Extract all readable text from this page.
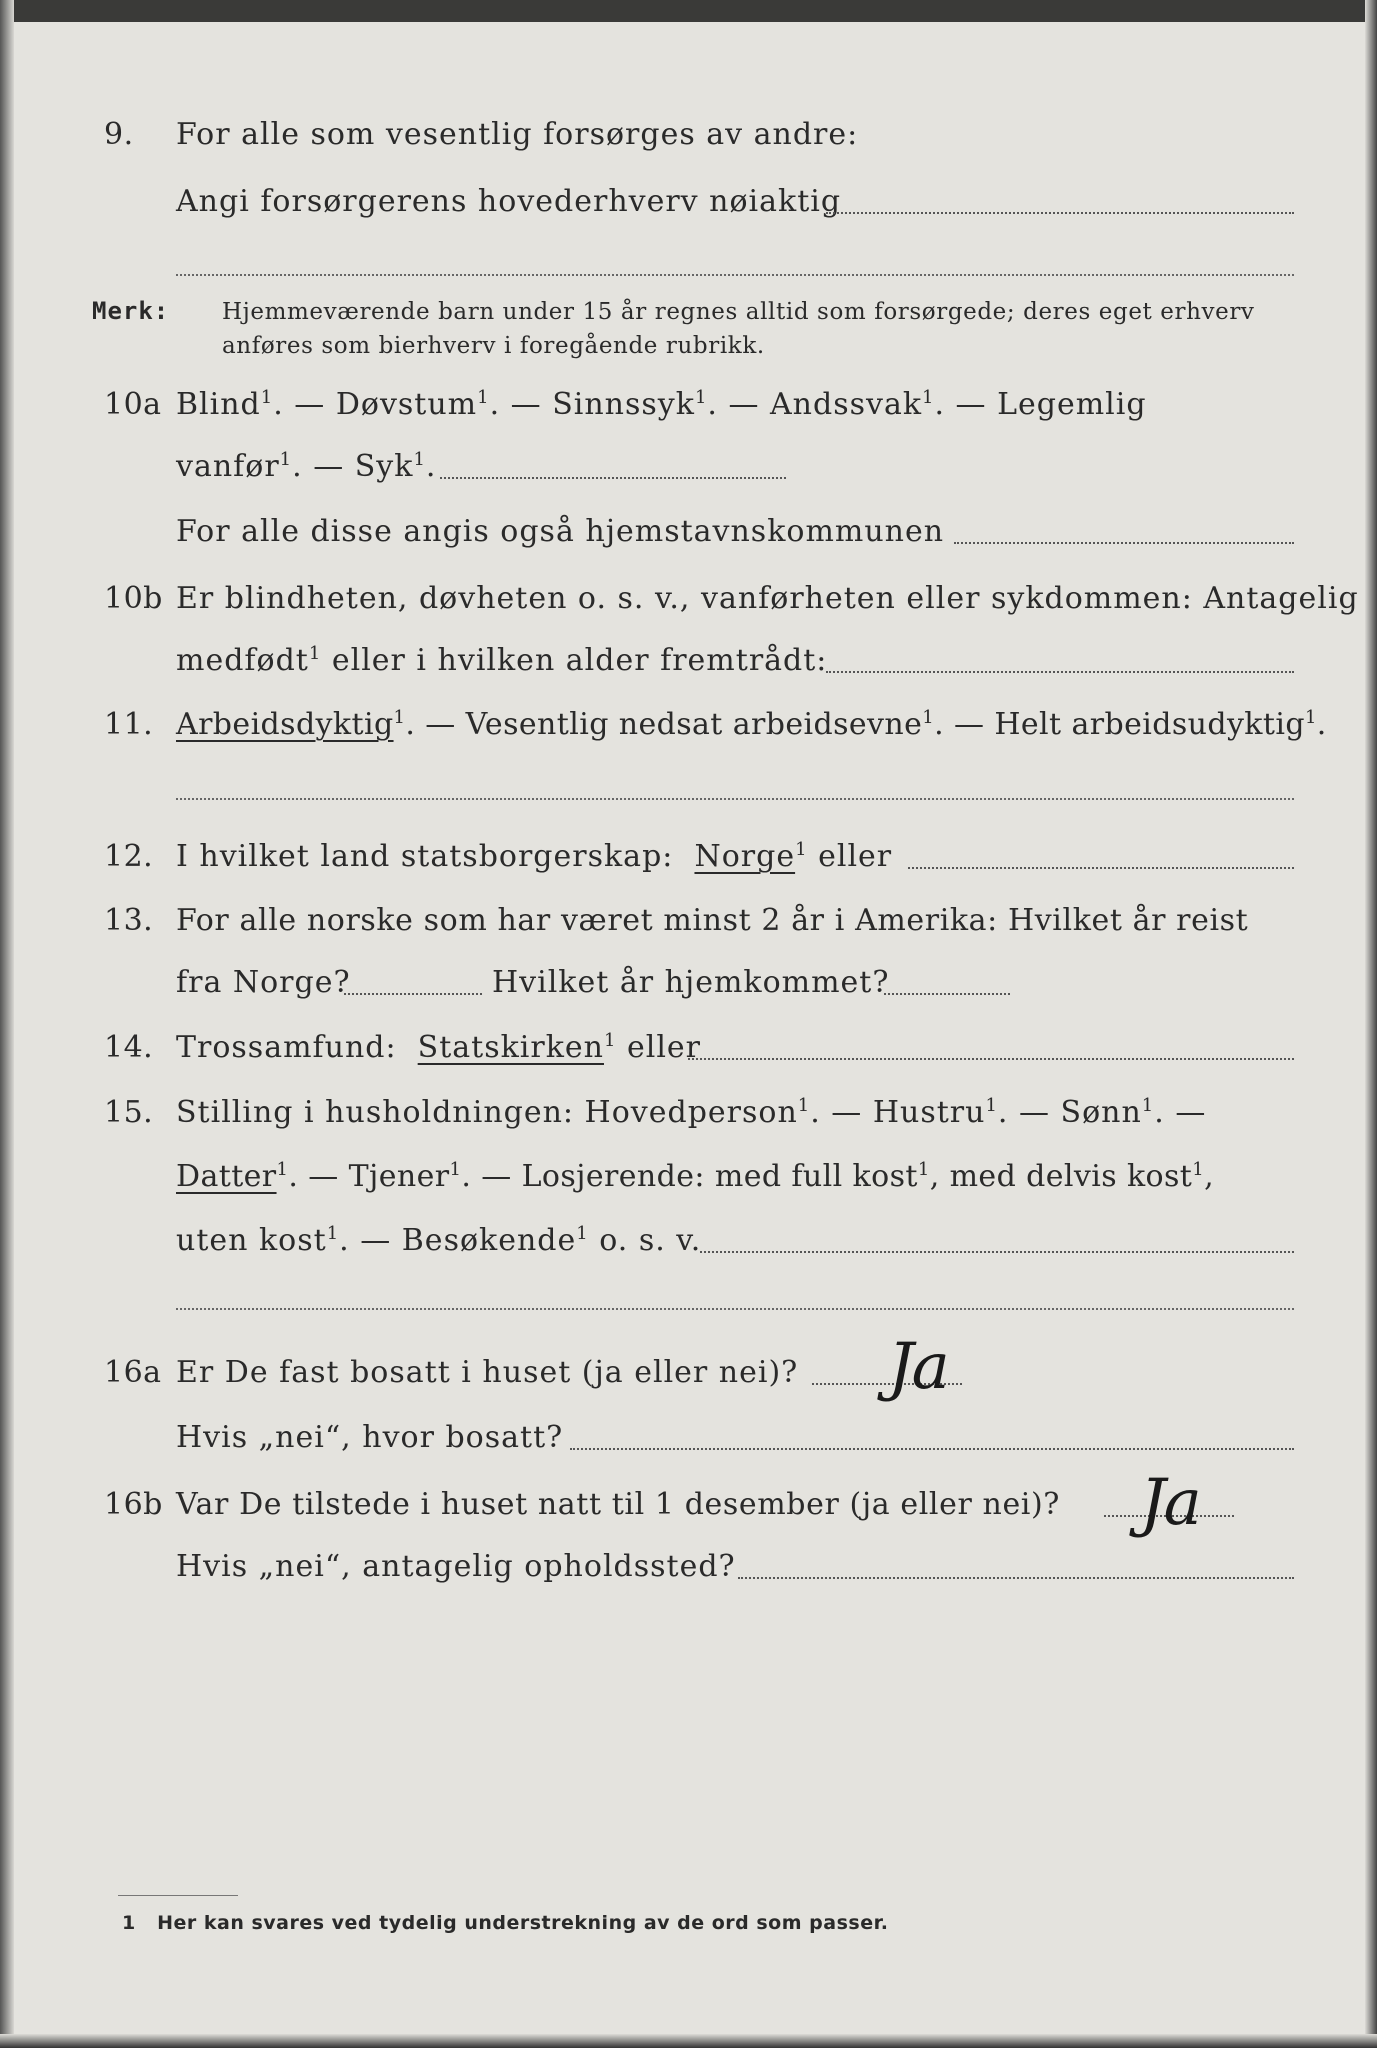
9. For alle som vesentlig forsørges av andre:
Angi forsørgerens hovederhverv nøiaktig
Merk: Hjemmeværende barn under 15 år regnes alltid som forsørgede; deres eget erhverv
anføres som bierhverv i foregående rubrikk.
10a Blind$^1$. — Døvstum$^1$. — Sinnssyk$^1$. — Andssvak$^1$. — Legemlig
vanfør$^1$. — Syk$^1$.
For alle disse angis også hjemstavnskommunen
10b Er blindheten, døvheten o. s. v., vanførheten eller sykdommen: Antagelig
medfødt$^1$ eller i hvilken alder fremtrådt:
11. Arbeidsdyktig$^1$. — Vesentlig nedsat arbeidsevne$^1$. — Helt arbeidsudyktig$^1$.
12. I hvilket land statsborgerskap: Norge$^1$ eller
13. For alle norske som har været minst 2 år i Amerika: Hvilket år reist
fra Norge?	Hvilket år hjemkommet?
14. Trossamfund: Statskirken$^1$ eller
15. Stilling i husholdningen: Hovedperson$^1$. — Hustru$^1$. — Sønn$^1$. —
Datter$^1$. — Tjener$^1$. — Losjerende: med full kost$^1$, med delvis kost$^1$,
uten kost$^1$. — Besøkende$^1$ o. s. v.
16a Er De fast bosatt i huset (ja eller nei)? Ja
Hvis „nei“, hvor bosatt?
16b Var De tilstede i huset natt til 1 desember (ja eller nei)? Ja
Hvis „nei“, antagelig opholdssted?
1 Her kan svares ved tydelig understrekning av de ord som passer.
